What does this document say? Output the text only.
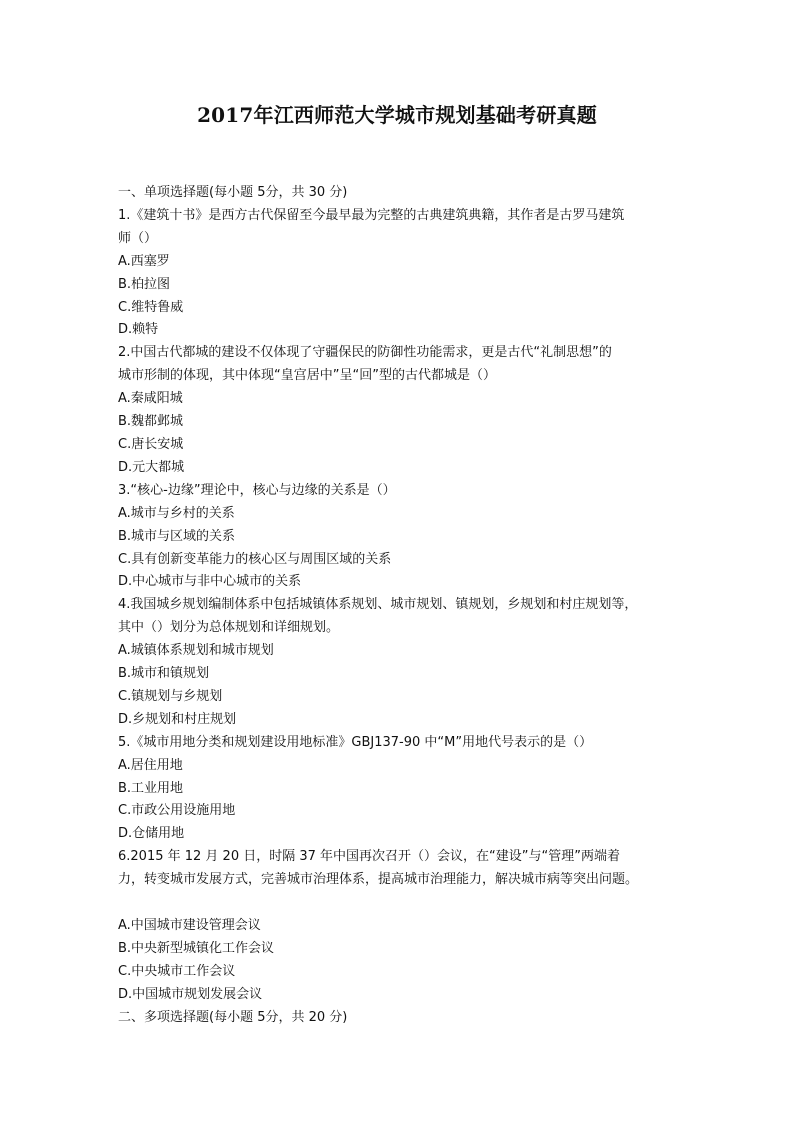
2017年江西师范大学城市规划基础考研真题
一、单项选择题(每小题 5分，共 30 分)
1.《建筑十书》是西方古代保留至今最早最为完整的古典建筑典籍，其作者是古罗马建筑
师（）
A.西塞罗
B.柏拉图
C.维特鲁威
D.赖特
2.中国古代都城的建设不仅体现了守疆保民的防御性功能需求，更是古代“礼制思想”的
城市形制的体现，其中体现“皇宫居中”呈“回”型的古代都城是（）
A.秦咸阳城
B.魏都邺城
C.唐长安城
D.元大都城
3.“核心-边缘”理论中，核心与边缘的关系是（）
A.城市与乡村的关系
B.城市与区域的关系
C.具有创新变革能力的核心区与周围区域的关系
D.中心城市与非中心城市的关系
4.我国城乡规划编制体系中包括城镇体系规划、城市规划、镇规划，乡规划和村庄规划等，
其中（）划分为总体规划和详细规划。
A.城镇体系规划和城市规划
B.城市和镇规划
C.镇规划与乡规划
D.乡规划和村庄规划
5.《城市用地分类和规划建设用地标准》GBJ137-90 中“M”用地代号表示的是（）
A.居住用地
B.工业用地
C.市政公用设施用地
D.仓储用地
6.2015 年 12 月 20 日，时隔 37 年中国再次召开（）会议，在“建设”与“管理”两端着
力，转变城市发展方式，完善城市治理体系，提高城市治理能力，解决城市病等突出问题。
A.中国城市建设管理会议
B.中央新型城镇化工作会议
C.中央城市工作会议
D.中国城市规划发展会议
二、多项选择题(每小题 5分，共 20 分)
